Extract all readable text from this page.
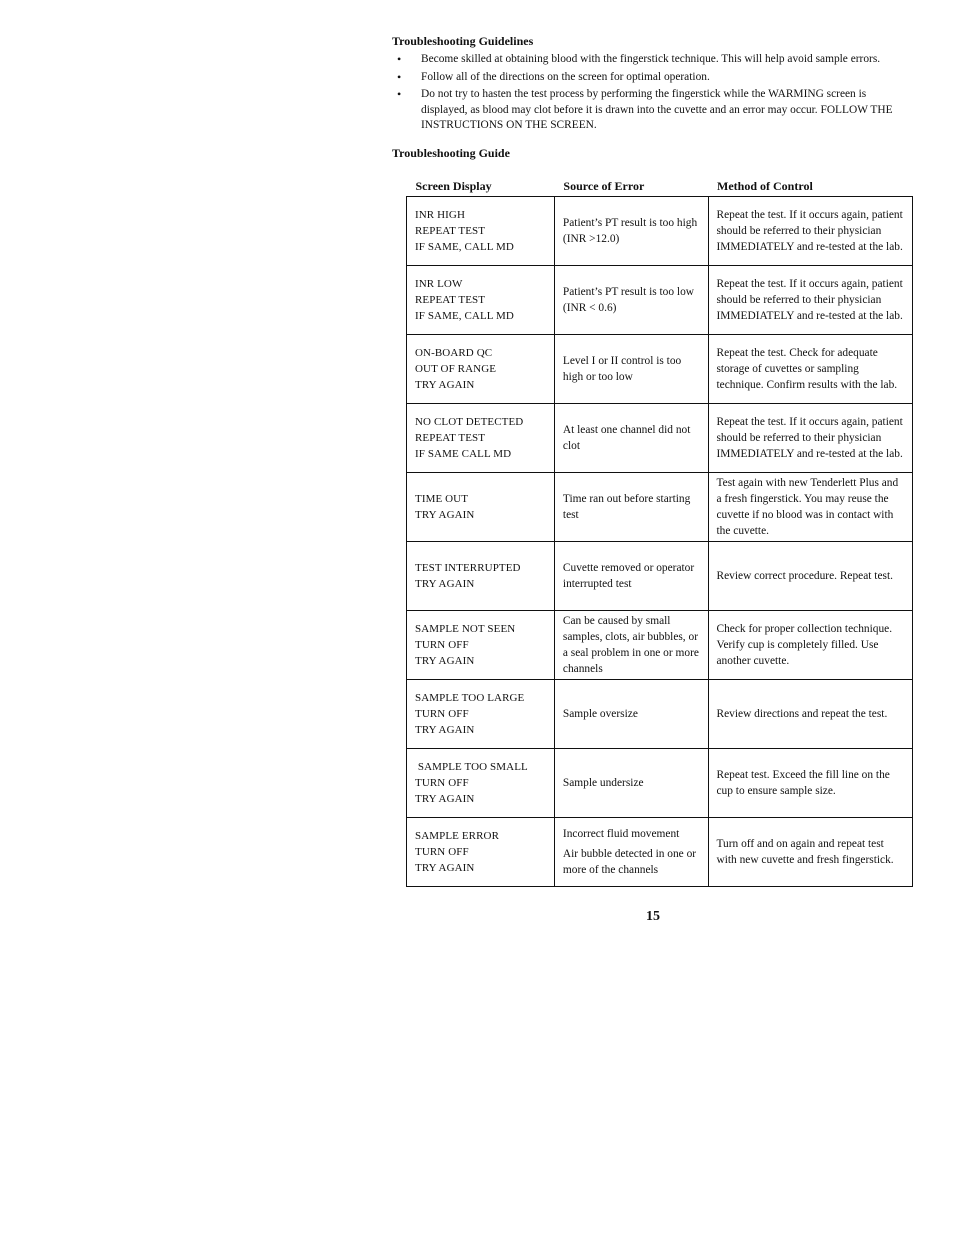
Troubleshooting Guidelines

• Become skilled at obtaining blood with the fingerstick technique. This will help avoid sample errors.
• Follow all of the directions on the screen for optimal operation.
• Do not try to hasten the test process by performing the fingerstick while the WARMING screen is displayed, as blood may clot before it is drawn into the cuvette and an error may occur. FOLLOW THE INSTRUCTIONS ON THE SCREEN.

Troubleshooting Guide

Screen Display	Source of Error	Method of Control

INR HIGH
REPEAT TEST
IF SAME, CALL MD	Patient’s PT result is too high (INR >12.0)	Repeat the test. If it occurs again, patient should be referred to their physician IMMEDIATELY and re-tested at the lab.

INR LOW
REPEAT TEST
IF SAME, CALL MD	Patient’s PT result is too low (INR < 0.6)	Repeat the test. If it occurs again, patient should be referred to their physician IMMEDIATELY and re-tested at the lab.

ON-BOARD QC
OUT OF RANGE
TRY AGAIN	Level I or II control is too high or too low	Repeat the test. Check for adequate storage of cuvettes or sampling technique. Confirm results with the lab.

NO CLOT DETECTED
REPEAT TEST
IF SAME CALL MD	At least one channel did not clot	Repeat the test. If it occurs again, patient should be referred to their physician IMMEDIATELY and re-tested at the lab.

TIME OUT
TRY AGAIN	Time ran out before starting test	Test again with new Tenderlett Plus and a fresh fingerstick. You may reuse the cuvette if no blood was in contact with the cuvette.

TEST INTERRUPTED
TRY AGAIN	Cuvette removed or operator interrupted test	Review correct procedure. Repeat test.

SAMPLE NOT SEEN
TURN OFF
TRY AGAIN	Can be caused by small samples, clots, air bubbles, or a seal problem in one or more channels	Check for proper collection technique. Verify cup is completely filled. Use another cuvette.

SAMPLE TOO LARGE
TURN OFF
TRY AGAIN	Sample oversize	Review directions and repeat the test.

SAMPLE TOO SMALL
TURN OFF
TRY AGAIN	Sample undersize	Repeat test. Exceed the fill line on the cup to ensure sample size.

SAMPLE ERROR
TURN OFF
TRY AGAIN	Incorrect fluid movement
Air bubble detected in one or more of the channels	Turn off and on again and repeat test with new cuvette and fresh fingerstick.
15
